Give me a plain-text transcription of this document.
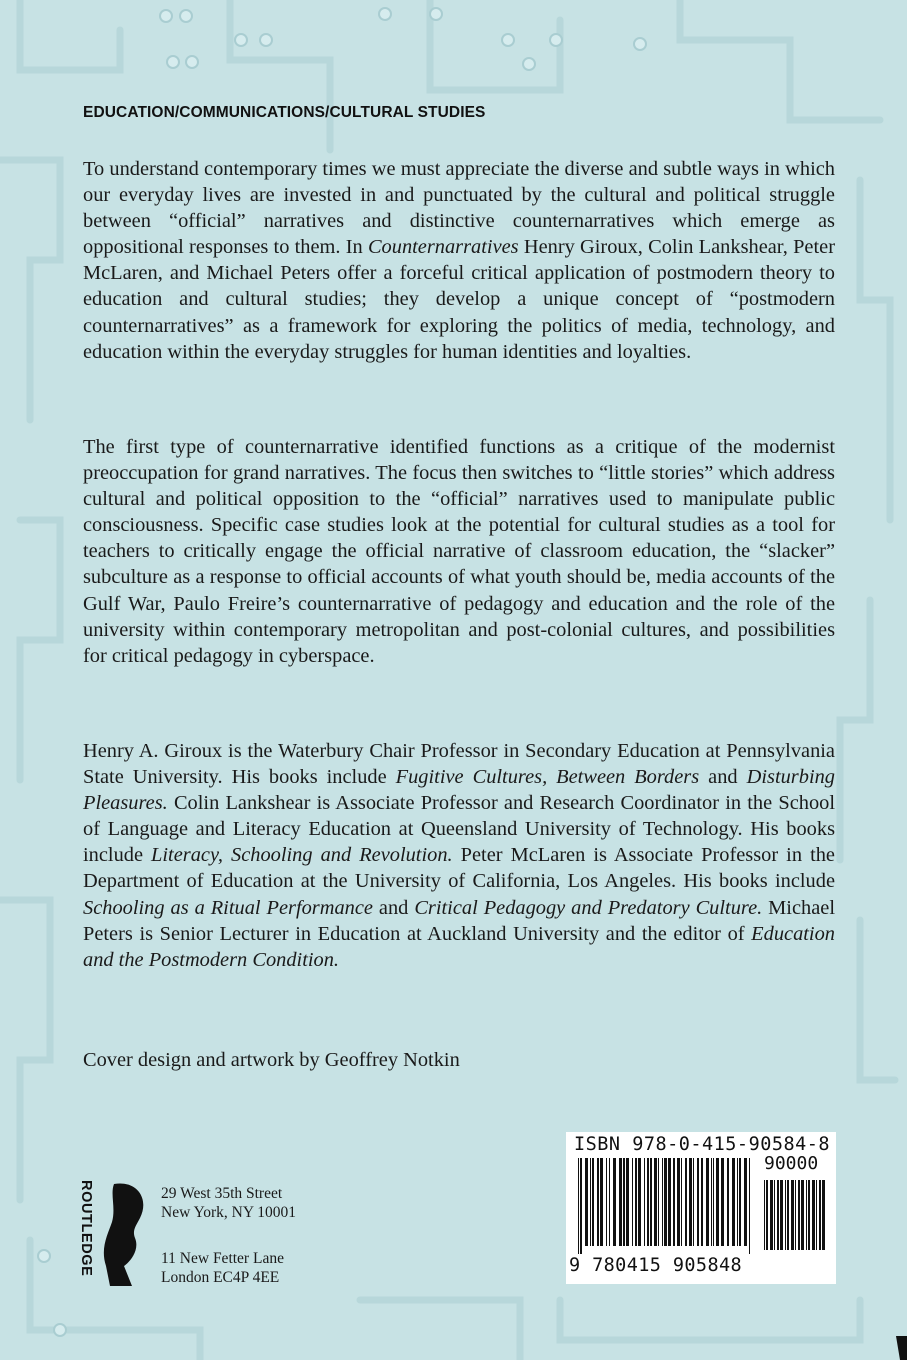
EDUCATION/COMMUNICATIONS/CULTURAL STUDIES

To understand contemporary times we must appreciate the diverse and subtle ways in which our everyday lives are invested in and punctuated by the cultural and political struggle between “official” narratives and distinctive counternarratives which emerge as oppositional responses to them. In Counternarratives Henry Giroux, Colin Lankshear, Peter McLaren, and Michael Peters offer a forceful critical application of postmodern theory to education and cultural studies; they develop a unique concept of “postmodern counternarratives” as a framework for exploring the politics of media, technology, and education within the everyday struggles for human identities and loyalties.

The first type of counternarrative identified functions as a critique of the modernist preoccupation for grand narratives. The focus then switches to “little stories” which address cultural and political opposition to the “official” narratives used to manipulate public consciousness. Specific case studies look at the potential for cultural studies as a tool for teachers to critically engage the official narrative of classroom education, the “slacker” subculture as a response to official accounts of what youth should be, media accounts of the Gulf War, Paulo Freire’s counternarrative of pedagogy and education and the role of the university within contemporary metropolitan and post-colonial cultures, and possibilities for critical pedagogy in cyberspace.

Henry A. Giroux is the Waterbury Chair Professor in Secondary Education at Pennsylvania State University. His books include Fugitive Cultures, Between Borders and Disturbing Pleasures. Colin Lankshear is Associate Professor and Research Coordinator in the School of Language and Literacy Education at Queensland University of Technology. His books include Literacy, Schooling and Revolution. Peter McLaren is Associate Professor in the Department of Education at the University of California, Los Angeles. His books include Schooling as a Ritual Performance and Critical Pedagogy and Predatory Culture. Michael Peters is Senior Lecturer in Education at Auckland University and the editor of Education and the Postmodern Condition.

Cover design and artwork by Geoffrey Notkin
ROUTLEDGE	29 West 35th Street
New York, NY 10001
11 New Fetter Lane
London EC4P 4EE
ISBN 978-0-415-90584-8
90000
9 780415 905848
